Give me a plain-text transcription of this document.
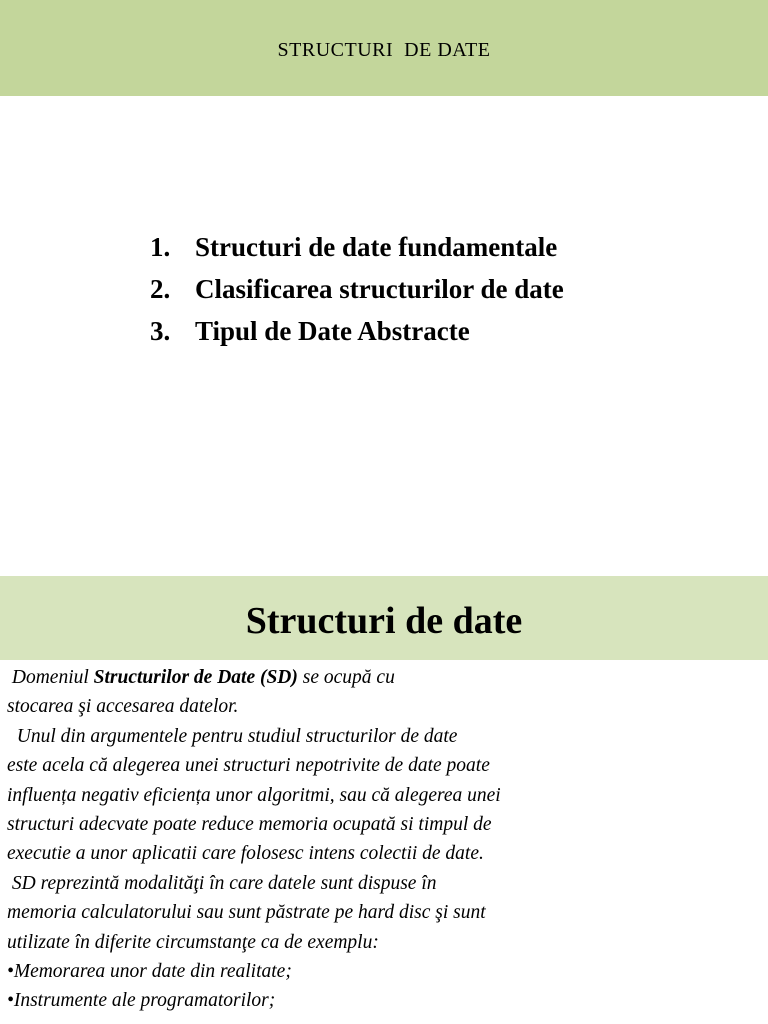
STRUCTURI  DE DATE
1. Structuri de date fundamentale
2. Clasificarea structurilor de date
3. Tipul de Date Abstracte
Structuri de date
Domeniul Structurilor de Date (SD) se ocupă cu
stocarea şi accesarea datelor.
Unul din argumentele pentru studiul structurilor de date
este acela că alegerea unei structuri nepotrivite de date poate
influența negativ eficiența unor algoritmi, sau că alegerea unei
structuri adecvate poate reduce memoria ocupată si timpul de
executie a unor aplicatii care folosesc intens colectii de date.
SD reprezintă modalităţi în care datele sunt dispuse în
memoria calculatorului sau sunt păstrate pe hard disc şi sunt
utilizate în diferite circumstanţe ca de exemplu:
•Memorarea unor date din realitate;
•Instrumente ale programatorilor;
